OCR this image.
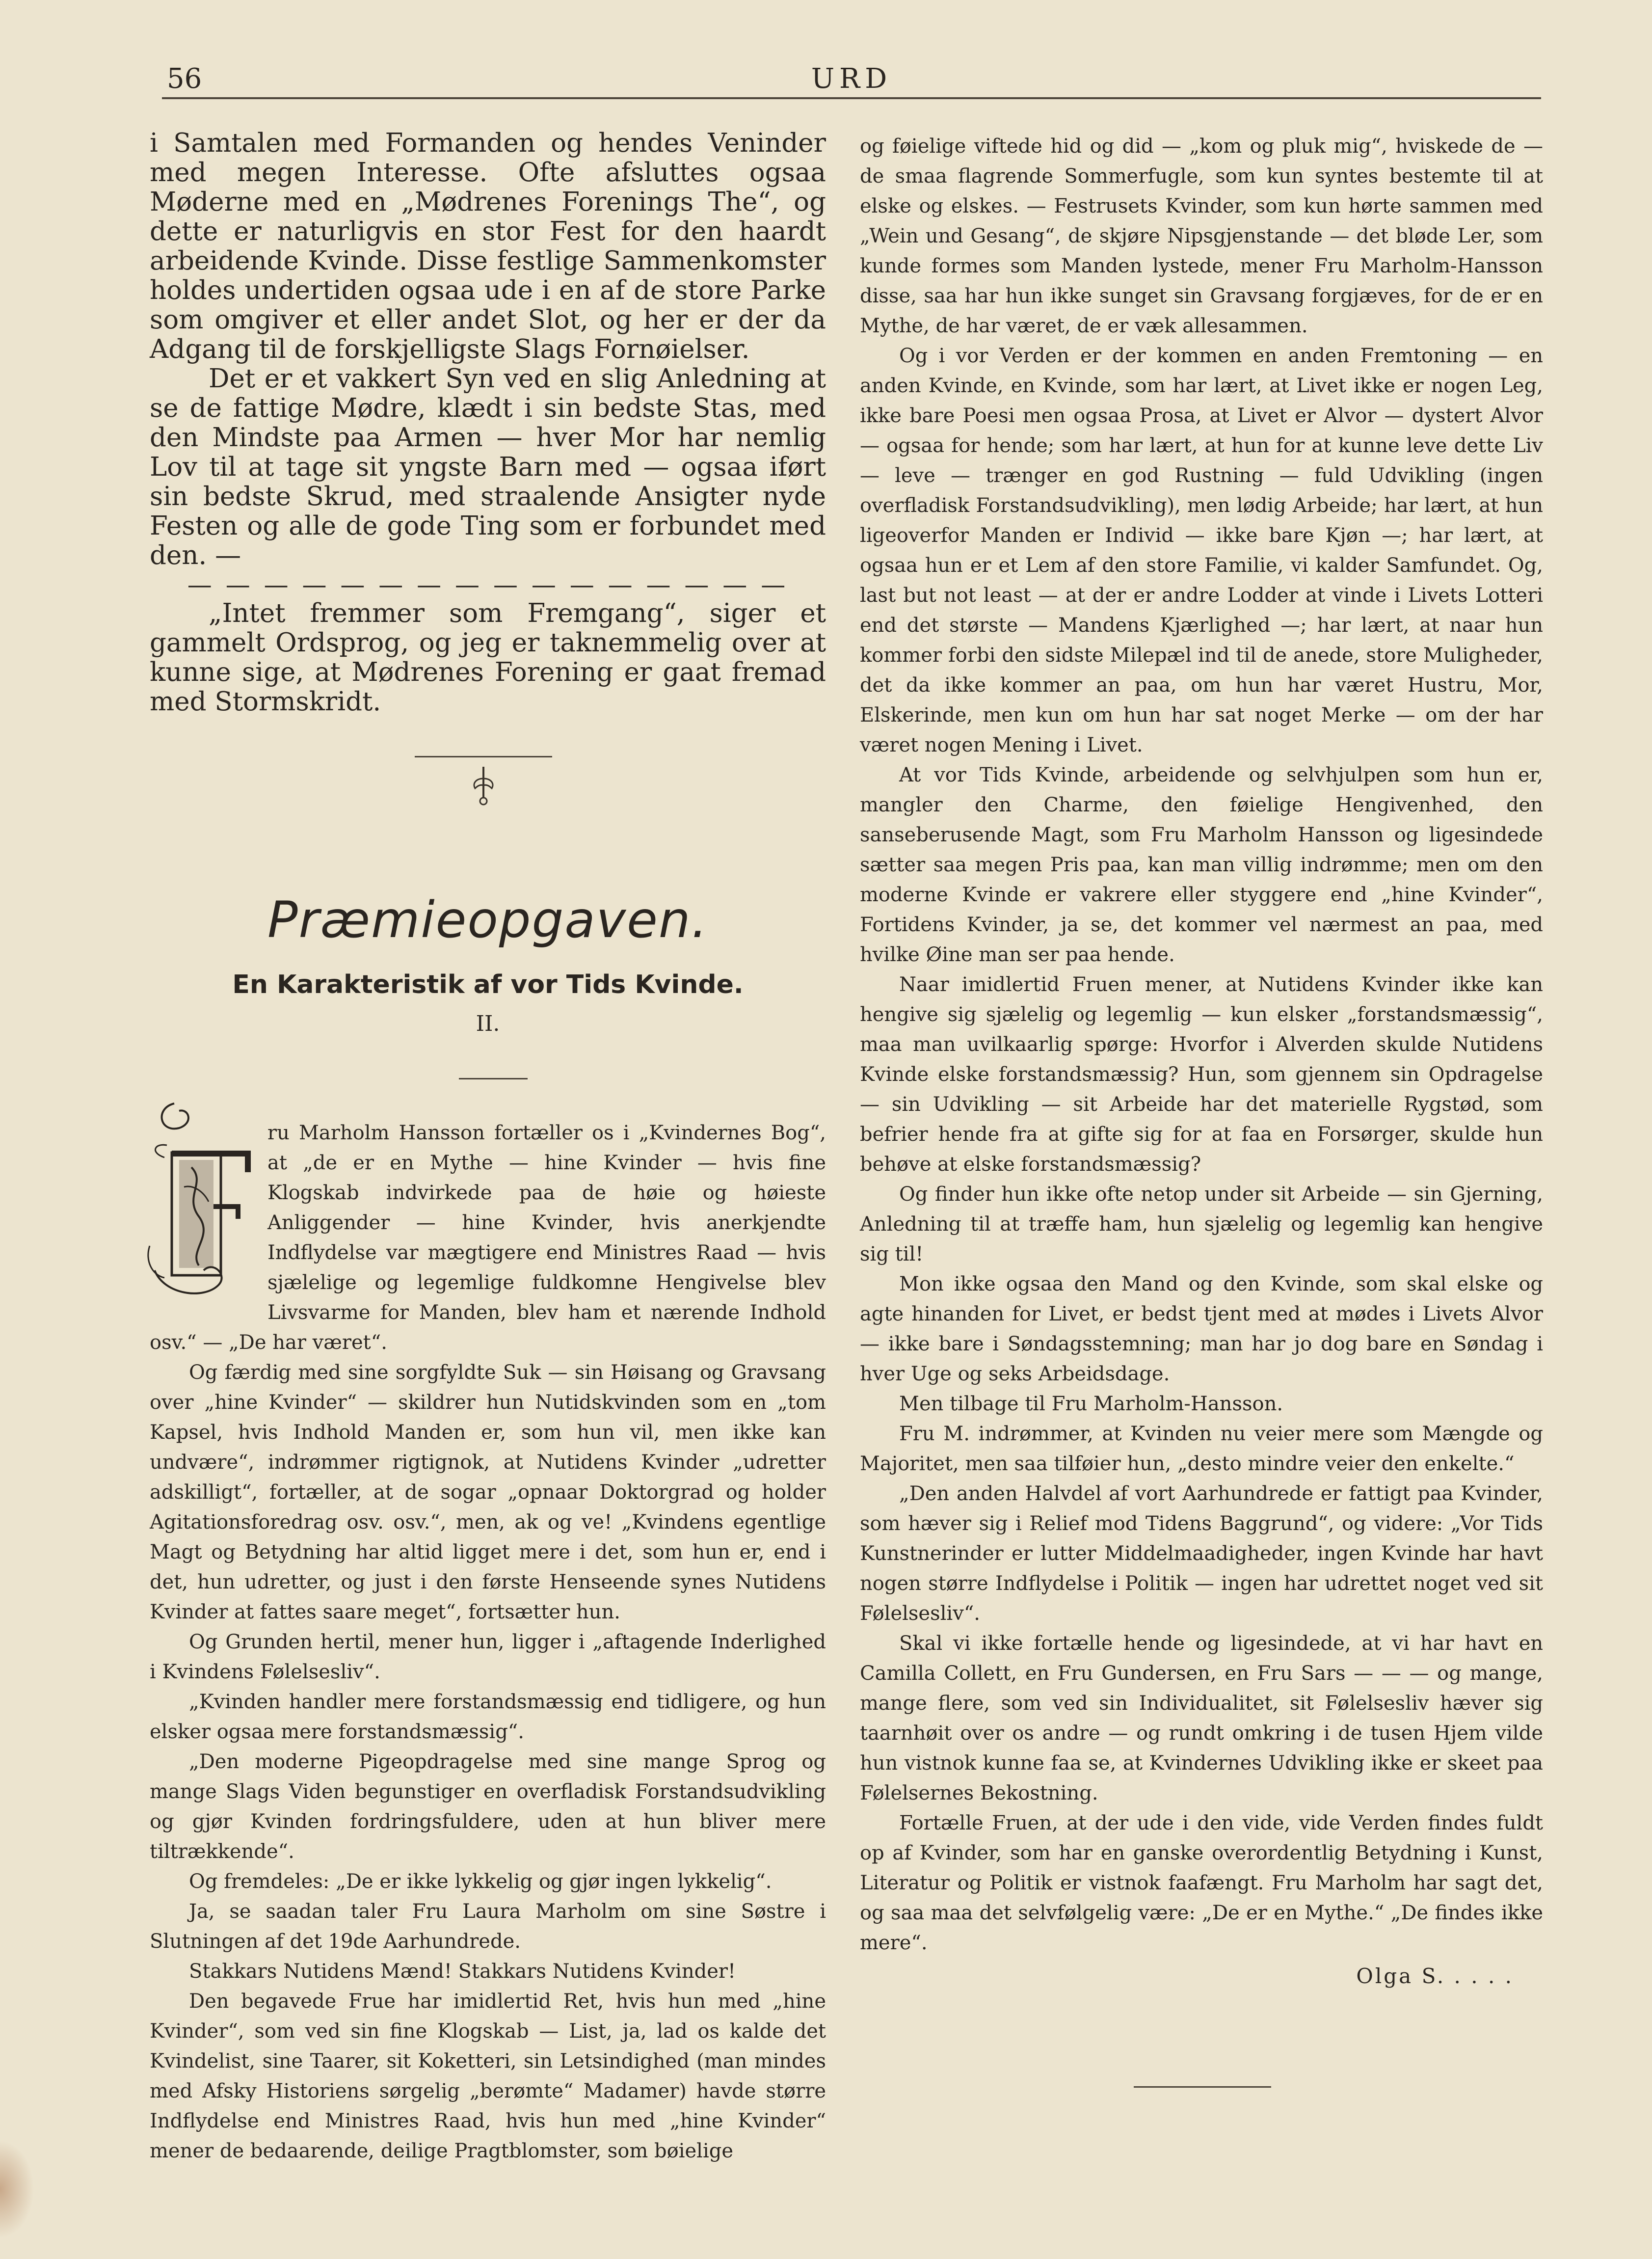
56	URD

i Samtalen med Formanden og hendes Veninder med megen Interesse. Ofte afsluttes ogsaa Møderne med en „Mødrenes Forenings The“, og dette er naturligvis en stor Fest for den haardt arbeidende Kvinde. Disse festlige Sammenkomster holdes undertiden ogsaa ude i en af de store Parke som omgiver et eller andet Slot, og her er der da Adgang til de forskjelligste Slags Fornøielser.

Det er et vakkert Syn ved en slig Anledning at se de fattige Mødre, klædt i sin bedste Stas, med den Mindste paa Armen — hver Mor har nemlig Lov til at tage sit yngste Barn med — ogsaa iført sin bedste Skrud, med straalende Ansigter nyde Festen og alle de gode Ting som er forbundet med den. —

— — — — — — — — — — — — — — — —

„Intet fremmer som Fremgang“, siger et gammelt Ordsprog, og jeg er taknemmelig over at kunne sige, at Mødrenes Forening er gaat fremad med Stormskridt.

Præmieopgaven.
En Karakteristik af vor Tids Kvinde.
II.

ru Marholm Hansson fortæller os i „Kvindernes Bog“, at „de er en Mythe — hine Kvinder — hvis fine Klogskab indvirkede paa de høie og høieste Anliggender — hine Kvinder, hvis anerkjendte Indflydelse var mægtigere end Ministres Raad — hvis sjælelige og legemlige fuldkomne Hengivelse blev Livsvarme for Manden, blev ham et nærende Indhold osv.“ — „De har været“.

Og færdig med sine sorgfyldte Suk — sin Høisang og Gravsang over „hine Kvinder“ — skildrer hun Nutidskvinden som en „tom Kapsel, hvis Indhold Manden er, som hun vil, men ikke kan undvære“, indrømmer rigtignok, at Nutidens Kvinder „udretter adskilligt“, fortæller, at de sogar „opnaar Doktorgrad og holder Agitationsforedrag osv. osv.“, men, ak og ve! „Kvindens egentlige Magt og Betydning har altid ligget mere i det, som hun er, end i det, hun udretter, og just i den første Henseende synes Nutidens Kvinder at fattes saare meget“, fortsætter hun.

Og Grunden hertil, mener hun, ligger i „aftagende Inderlighed i Kvindens Følelsesliv“.

„Kvinden handler mere forstandsmæssig end tidligere, og hun elsker ogsaa mere forstandsmæssig“.

„Den moderne Pigeopdragelse med sine mange Sprog og mange Slags Viden begunstiger en overfladisk Forstandsudvikling og gjør Kvinden fordringsfuldere, uden at hun bliver mere tiltrækkende“.

Og fremdeles: „De er ikke lykkelig og gjør ingen lykkelig“.

Ja, se saadan taler Fru Laura Marholm om sine Søstre i Slutningen af det 19de Aarhundrede.

Stakkars Nutidens Mænd! Stakkars Nutidens Kvinder!

Den begavede Frue har imidlertid Ret, hvis hun med „hine Kvinder“, som ved sin fine Klogskab — List, ja, lad os kalde det Kvindelist, sine Taarer, sit Koketteri, sin Letsindighed (man mindes med Afsky Historiens sørgelig „berømte“ Madamer) havde større Indflydelse end Ministres Raad, hvis hun med „hine Kvinder“ mener de bedaarende, deilige Pragtblomster, som bøielige

og føielige viftede hid og did — „kom og pluk mig“, hviskede de — de smaa flagrende Sommerfugle, som kun syntes bestemte til at elske og elskes. — Festrusets Kvinder, som kun hørte sammen med „Wein und Gesang“, de skjøre Nipsgjenstande — det bløde Ler, som kunde formes som Manden lystede, mener Fru Marholm-Hansson disse, saa har hun ikke sunget sin Gravsang forgjæves, for de er en Mythe, de har været, de er væk allesammen.

Og i vor Verden er der kommen en anden Fremtoning — en anden Kvinde, en Kvinde, som har lært, at Livet ikke er nogen Leg, ikke bare Poesi men ogsaa Prosa, at Livet er Alvor — dystert Alvor — ogsaa for hende; som har lært, at hun for at kunne leve dette Liv — leve — trænger en god Rustning — fuld Udvikling (ingen overfladisk Forstandsudvikling), men lødig Arbeide; har lært, at hun ligeoverfor Manden er Individ — ikke bare Kjøn —; har lært, at ogsaa hun er et Lem af den store Familie, vi kalder Samfundet. Og, last but not least — at der er andre Lodder at vinde i Livets Lotteri end det største — Mandens Kjærlighed —; har lært, at naar hun kommer forbi den sidste Milepæl ind til de anede, store Muligheder, det da ikke kommer an paa, om hun har været Hustru, Mor, Elskerinde, men kun om hun har sat noget Merke — om der har været nogen Mening i Livet.

At vor Tids Kvinde, arbeidende og selvhjulpen som hun er, mangler den Charme, den føielige Hengivenhed, den sanseberusende Magt, som Fru Marholm Hansson og ligesindede sætter saa megen Pris paa, kan man villig indrømme; men om den moderne Kvinde er vakrere eller styggere end „hine Kvinder“, Fortidens Kvinder, ja se, det kommer vel nærmest an paa, med hvilke Øine man ser paa hende.

Naar imidlertid Fruen mener, at Nutidens Kvinder ikke kan hengive sig sjælelig og legemlig — kun elsker „forstandsmæssig“, maa man uvilkaarlig spørge: Hvorfor i Alverden skulde Nutidens Kvinde elske forstandsmæssig? Hun, som gjennem sin Opdragelse — sin Udvikling — sit Arbeide har det materielle Rygstød, som befrier hende fra at gifte sig for at faa en Forsørger, skulde hun behøve at elske forstandsmæssig?

Og finder hun ikke ofte netop under sit Arbeide — sin Gjerning, Anledning til at træffe ham, hun sjælelig og legemlig kan hengive sig til!

Mon ikke ogsaa den Mand og den Kvinde, som skal elske og agte hinanden for Livet, er bedst tjent med at mødes i Livets Alvor — ikke bare i Søndagsstemning; man har jo dog bare en Søndag i hver Uge og seks Arbeidsdage.

Men tilbage til Fru Marholm-Hansson.

Fru M. indrømmer, at Kvinden nu veier mere som Mængde og Majoritet, men saa tilføier hun, „desto mindre veier den enkelte.“

„Den anden Halvdel af vort Aarhundrede er fattigt paa Kvinder, som hæver sig i Relief mod Tidens Baggrund“, og videre: „Vor Tids Kunstnerinder er lutter Middelmaadigheder, ingen Kvinde har havt nogen større Indflydelse i Politik — ingen har udrettet noget ved sit Følelsesliv“.

Skal vi ikke fortælle hende og ligesindede, at vi har havt en Camilla Collett, en Fru Gundersen, en Fru Sars — — — og mange, mange flere, som ved sin Individualitet, sit Følelsesliv hæver sig taarnhøit over os andre — og rundt omkring i de tusen Hjem vilde hun vistnok kunne faa se, at Kvindernes Udvikling ikke er skeet paa Følelsernes Bekostning.

Fortælle Fruen, at der ude i den vide, vide Verden findes fuldt op af Kvinder, som har en ganske overordentlig Betydning i Kunst, Literatur og Politik er vistnok faafængt. Fru Marholm har sagt det, og saa maa det selvfølgelig være: „De er en Mythe.“ „De findes ikke mere“.

Olga S. . . . .
